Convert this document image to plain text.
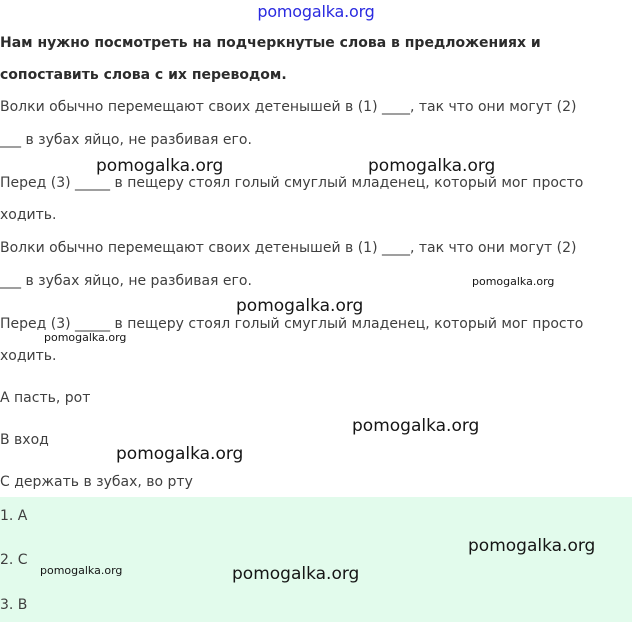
pomogalka.org
Нам нужно посмотреть на подчеркнутые слова в предложениях и
сопоставить слова с их переводом.
Волки обычно перемещают своих детенышей в (1) ____, так что они могут (2)
___ в зубах яйцо, не разбивая его.
Перед (3) _____ в пещеру стоял голый смуглый младенец, который мог просто
ходить.
Волки обычно перемещают своих детенышей в (1) ____, так что они могут (2)
___ в зубах яйцо, не разбивая его.
Перед (3) _____ в пещеру стоял голый смуглый младенец, который мог просто
ходить.
A пасть, рот
B вход
C держать в зубах, во рту
1. A
2. C
3. B
pomogalka.org	pomogalka.org
pomogalka.org
pomogalka.org
pomogalka.org
pomogalka.org
pomogalka.org
pomogalka.org
pomogalka.org	pomogalka.org
